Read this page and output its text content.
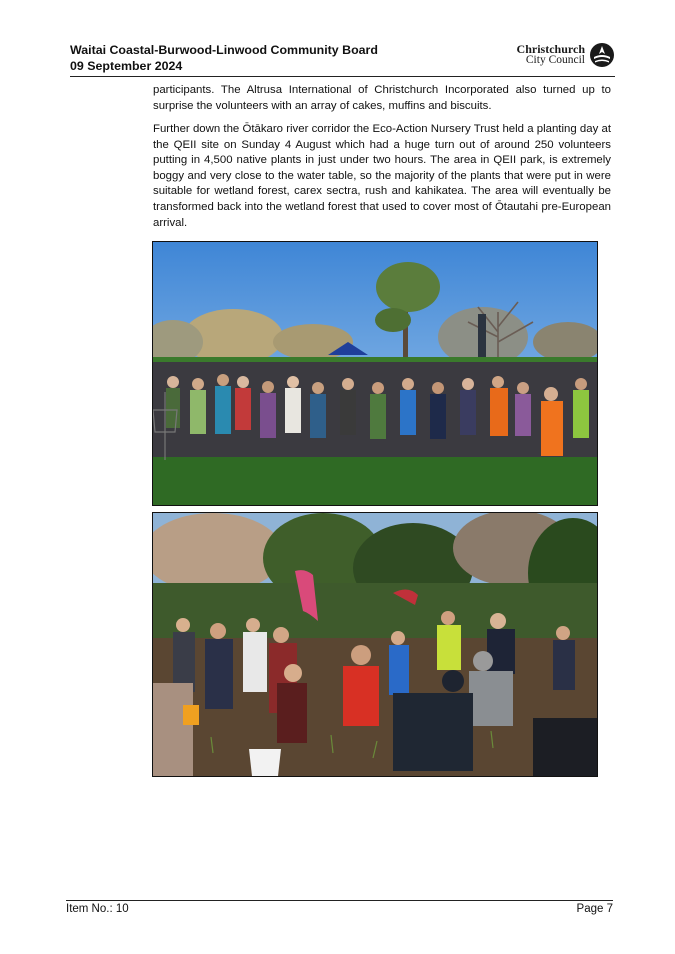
Waitai Coastal-Burwood-Linwood Community Board
09 September 2024
Christchurch
City Council
participants. The Altrusa International of Christchurch Incorporated also turned up to surprise the volunteers with an array of cakes, muffins and biscuits.
Further down the Ōtākaro river corridor the Eco-Action Nursery Trust held a planting day at the QEII site on Sunday 4 August which had a huge turn out of around 250 volunteers putting in 4,500 native plants in just under two hours. The area in QEII park, is extremely boggy and very close to the water table, so the majority of the plants that were put in were suitable for wetland forest, carex sectra, rush and kahikatea. The area will eventually be transformed back into the wetland forest that used to cover most of Ōtautahi pre-European arrival.
Item No.: 10	Page 7
